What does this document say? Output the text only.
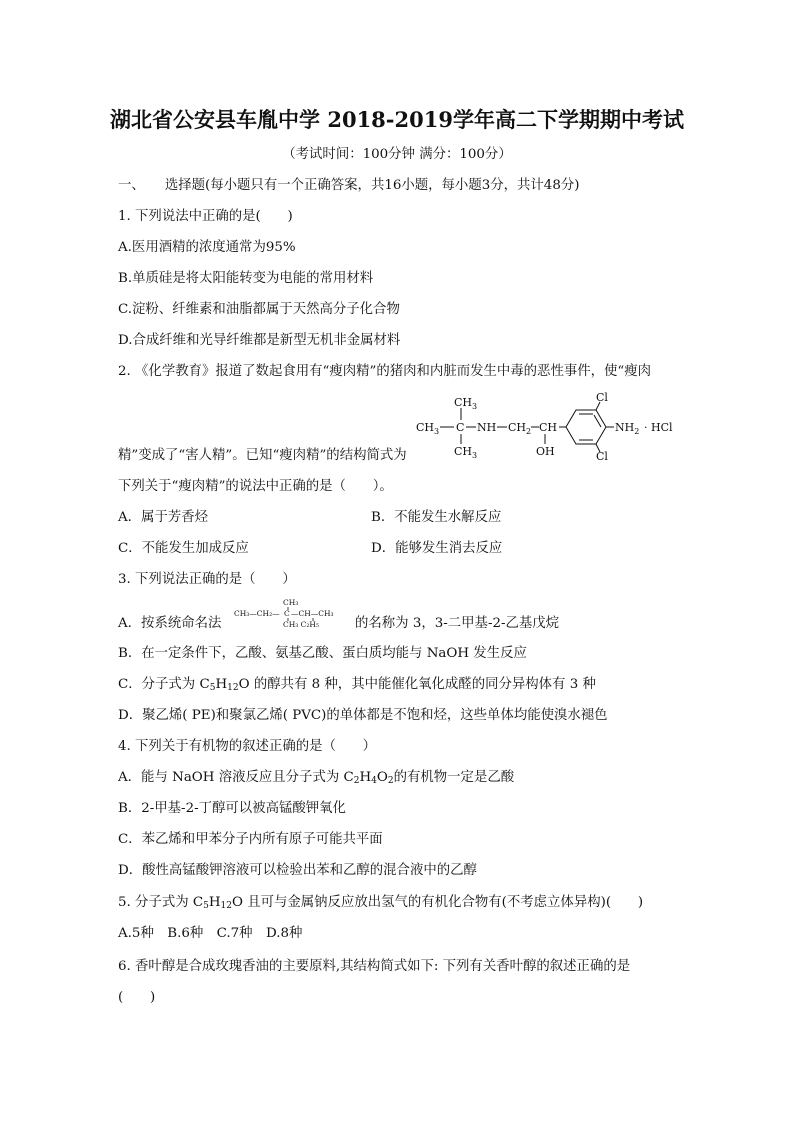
湖北省公安县车胤中学 2018-2019学年高二下学期期中考试
（考试时间：100分钟 满分：100分）
一、　　选择题(每小题只有一个正确答案，共16小题，每小题3分，共计48分)
1. 下列说法中正确的是(　　)
A.医用酒精的浓度通常为95%
B.单质硅是将太阳能转变为电能的常用材料
C.淀粉、纤维素和油脂都属于天然高分子化合物
D.合成纤维和光导纤维都是新型无机非金属材料
2. 《化学教育》报道了数起食用有“瘦肉精”的猪肉和内脏而发生中毒的恶性事件，使“瘦肉
$CH_3$
$CH_3$ C
$CH_3$
NH $CH_2$ CH
OH
Cl
Cl
$NH_2$ · HCl
精”变成了“害人精”。已知“瘦肉精”的结构简式为
下列关于“瘦肉精”的说法中正确的是（　　）。
A．属于芳香烃	B．不能发生水解反应
C．不能发生加成反应	D．能够发生消去反应
3. 下列说法正确的是（　　）
A．按系统命名法
CH₃
CH₃—CH₂— C —CH—CH₃
CH₃ C₂H₅	的名称为 3，3-二甲基-2-乙基戊烷
B．在一定条件下，乙酸、氨基乙酸、蛋白质均能与 NaOH 发生反应
C．分子式为 $C_5H_{12}O$ 的醇共有 8 种，其中能催化氧化成醛的同分异构体有 3 种
D．聚乙烯( PE)和聚氯乙烯( PVC)的单体都是不饱和烃，这些单体均能使溴水褪色
4. 下列关于有机物的叙述正确的是（　　）
A．能与 NaOH 溶液反应且分子式为 $C_2H_4O_2$的有机物一定是乙酸
B．2-甲基-2-丁醇可以被高锰酸钾氧化
C．苯乙烯和甲苯分子内所有原子可能共平面
D．酸性高锰酸钾溶液可以检验出苯和乙醇的混合液中的乙醇
5. 分子式为 $C_5H_{12}O$ 且可与金属钠反应放出氢气的有机化合物有(不考虑立体异构)(　　)
A.5种　B.6种　C.7种　D.8种
6. 香叶醇是合成玫瑰香油的主要原料,其结构简式如下: 下列有关香叶醇的叙述正确的是
(　　)
